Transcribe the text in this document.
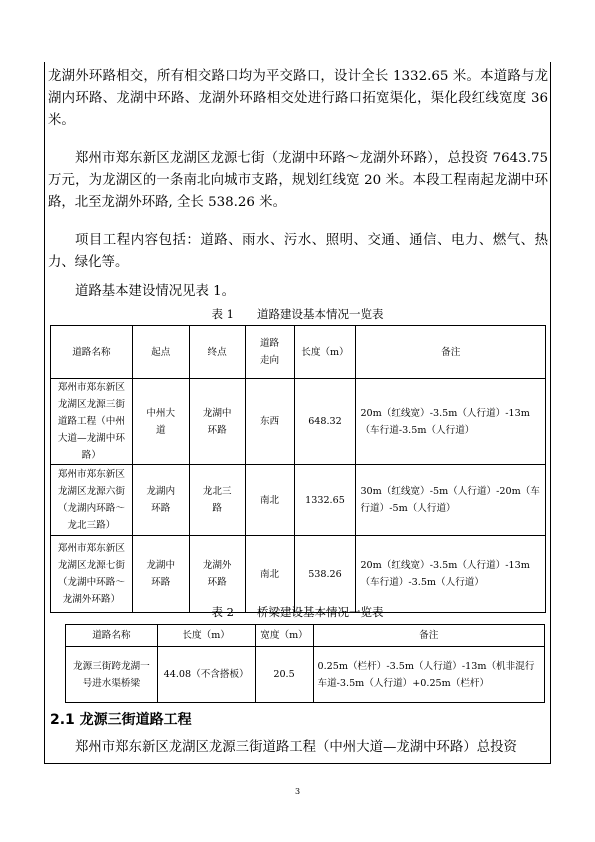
龙湖外环路相交，所有相交路口均为平交路口，设计全长 1332.65 米。本道路与龙湖内环路、龙湖中环路、龙湖外环路相交处进行路口拓宽渠化，渠化段红线宽度 36 米。

郑州市郑东新区龙湖区龙源七街（龙湖中环路～龙湖外环路），总投资 7643.75 万元，为龙湖区的一条南北向城市支路，规划红线宽 20 米。本段工程南起龙湖中环路，北至龙湖外环路, 全长 538.26 米。

项目工程内容包括：道路、雨水、污水、照明、交通、通信、电力、燃气、热力、绿化等。

道路基本建设情况见表 1。

表 1　　道路建设基本情况一览表

道路名称	起点	终点	道路走向	长度（m）	备注
郑州市郑东新区龙湖区龙源三街道路工程（中州大道—龙湖中环路）	中州大道	龙湖中环路	东西	648.32	20m（红线宽）-3.5m（人行道）-13m（车行道-3.5m（人行道）
郑州市郑东新区龙湖区龙源六街（龙湖内环路～龙北三路）	龙湖内环路	龙北三路	南北	1332.65	30m（红线宽）-5m（人行道）-20m（车行道）-5m（人行道）
郑州市郑东新区龙湖区龙源七街（龙湖中环路～龙湖外环路）	龙湖中环路	龙湖外环路	南北	538.26	20m（红线宽）-3.5m（人行道）-13m（车行道）-3.5m（人行道）

表 2　　桥梁建设基本情况一览表

道路名称	长度（m）	宽度（m）	备注
龙源三街跨龙湖一号进水渠桥梁	44.08（不含搭板）	20.5	0.25m（栏杆）-3.5m（人行道）-13m（机非混行车道-3.5m（人行道）+0.25m（栏杆）

2.1 龙源三街道路工程

郑州市郑东新区龙湖区龙源三街道路工程（中州大道—龙湖中环路）总投资

3
